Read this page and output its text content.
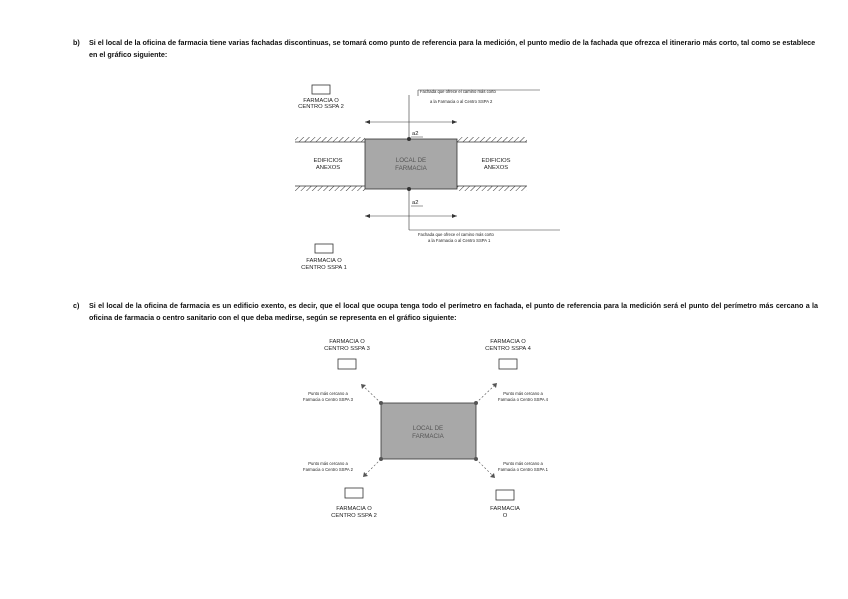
b)	Si el local de la oficina de farmacia tiene varias fachadas discontinuas, se tomará como punto de referencia para la medición, el punto medio de la fachada que ofrezca el itinerario más corto, tal como se establece en el gráfico siguiente:
FARMACIA O
CENTRO SSPA 2
Fachada que ofrece el camino más corto
a la Farmacia o al Centro SSPA 2
a2
LOCAL DE
FARMACIA
EDIFICIOS
ANEXOS
EDIFICIOS
ANEXOS
a2
Fachada que ofrece el camino más corto
a la Farmacia o al Centro SSPA 1
FARMACIA O
CENTRO SSPA 1
c)	Si el local de la oficina de farmacia es un edificio exento, es decir, que el local que ocupa tenga todo el perímetro en fachada, el punto de referencia para la medición será el punto del perímetro más cercano a la oficina de farmacia o centro sanitario con el que deba medirse, según se representa en el gráfico siguiente:
FARMACIA O
CENTRO SSPA 3
FARMACIA O
CENTRO SSPA 4
LOCAL DE
FARMACIA
Punto más cercano a
Farmacia o Centro SSPA 3
Punto más cercano a
Farmacia o Centro SSPA 4
Punto más cercano a
Farmacia o Centro SSPA 2
Punto más cercano a
Farmacia o Centro SSPA 1
FARMACIA O
CENTRO SSPA 2
FARMACIA
O
